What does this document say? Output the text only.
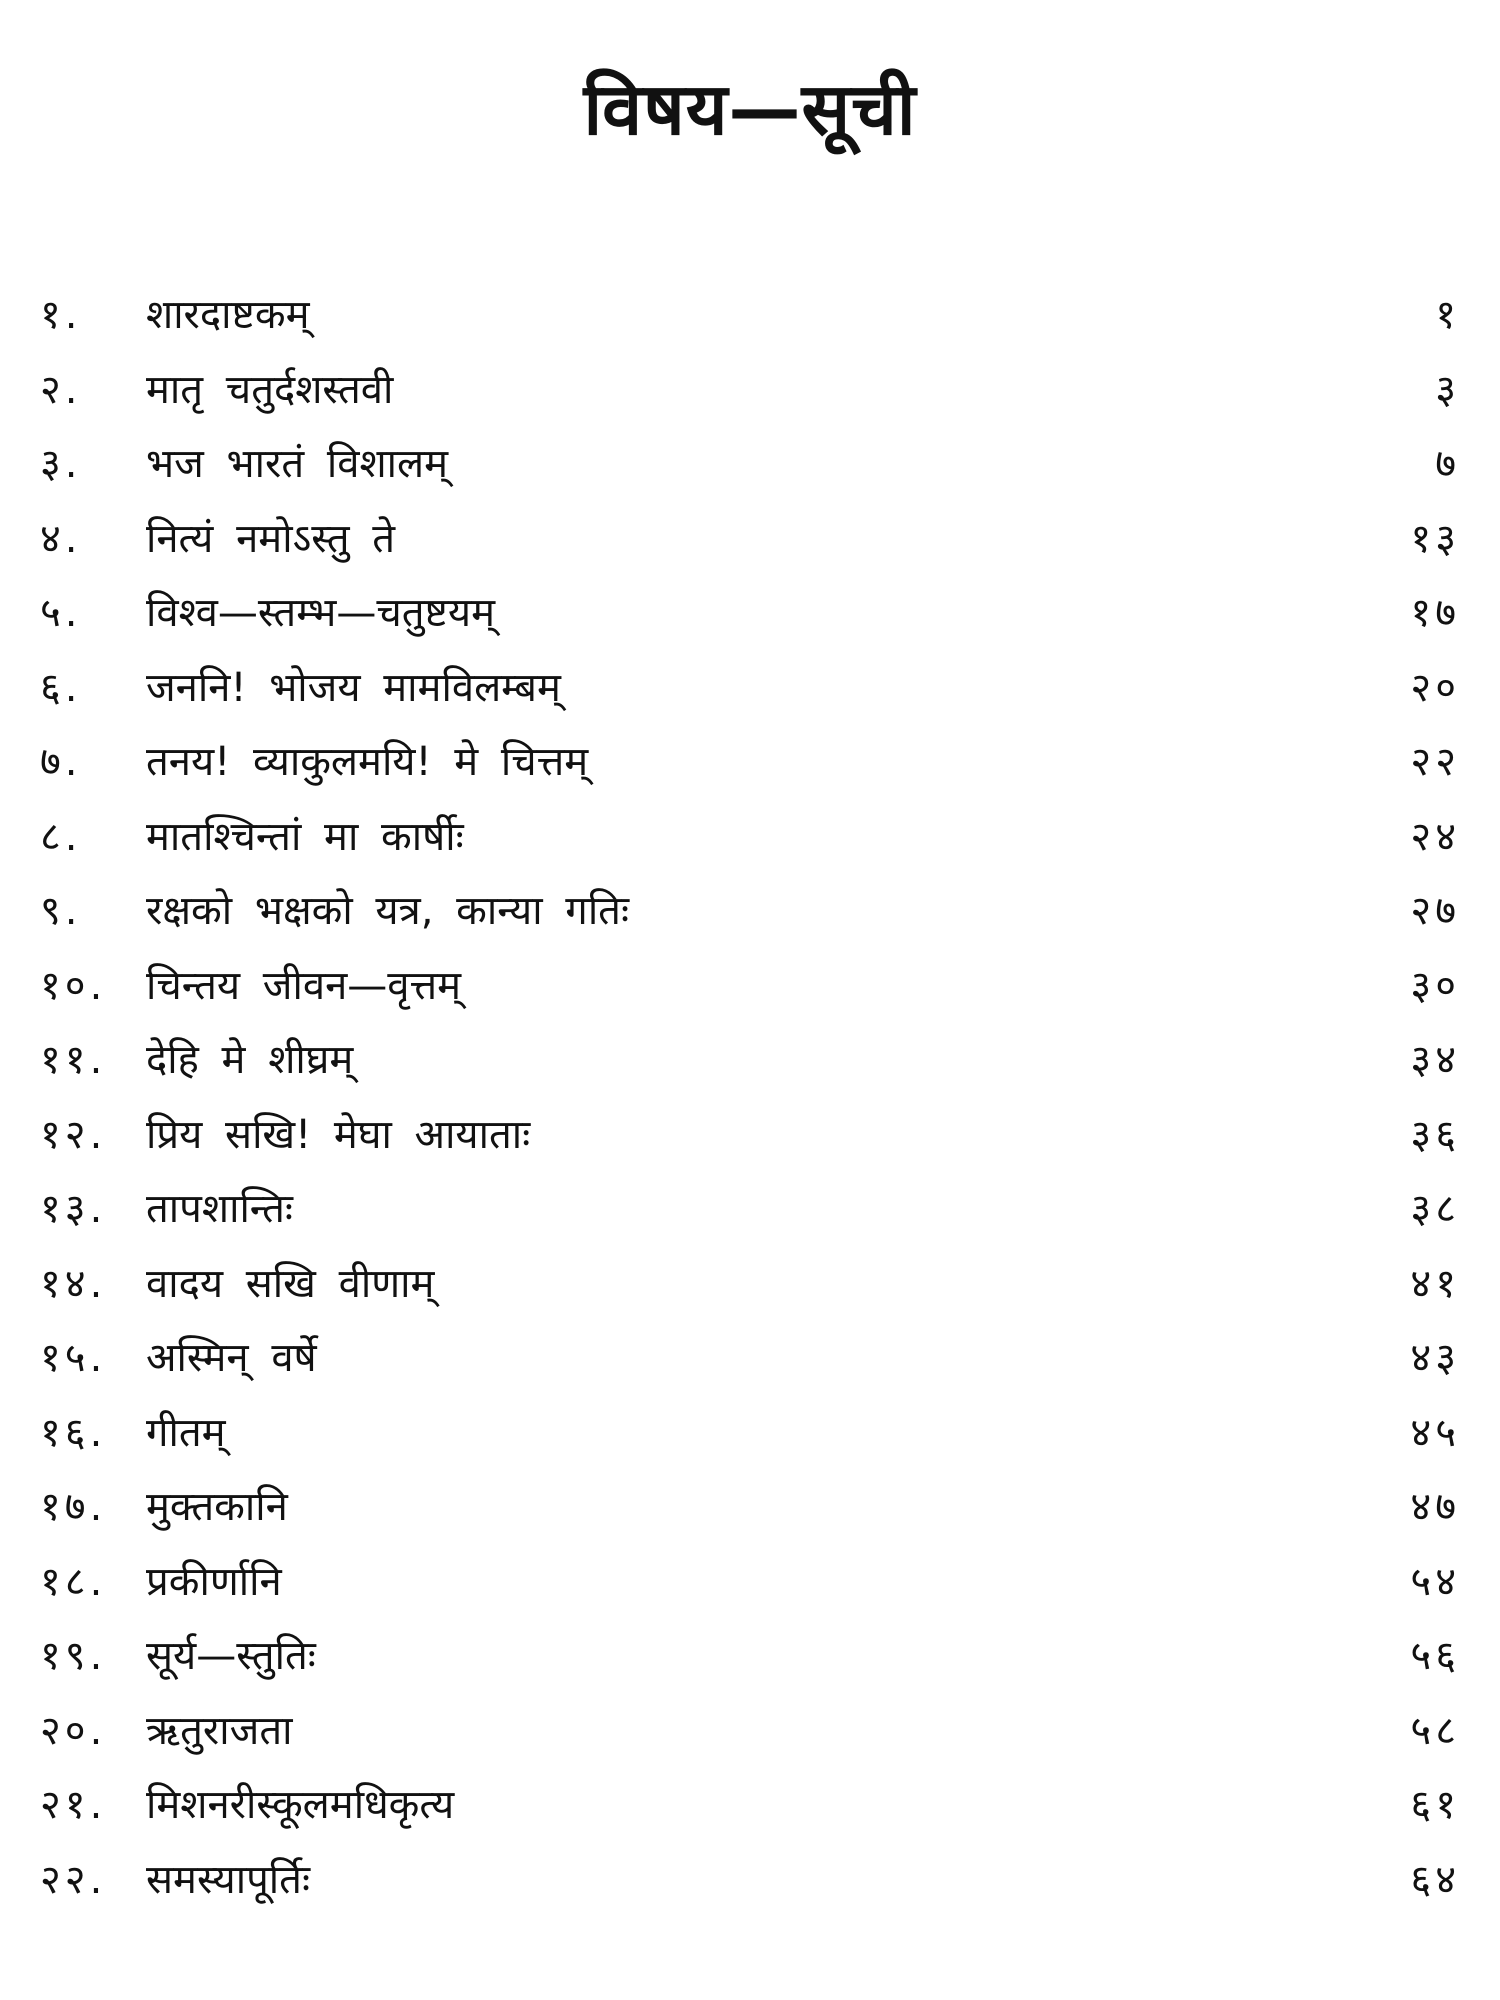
विषय—सूची
१.	शारदाष्टकम्	१
२.	मातृ चतुर्दशस्तवी	३
३.	भज भारतं विशालम्	७
४.	नित्यं नमोऽस्तु ते	१३
५.	विश्व—स्तम्भ—चतुष्टयम्	१७
६.	जननि! भोजय मामविलम्बम्	२०
७.	तनय! व्याकुलमयि! मे चित्तम्	२२
८.	मातश्चिन्तां मा कार्षीः	२४
९.	रक्षको भक्षको यत्र, कान्या गतिः	२७
१०. चिन्तय जीवन—वृत्तम्	३०
११. देहि मे शीघ्रम्	३४
१२. प्रिय सखि! मेघा आयाताः	३६
१३. तापशान्तिः	३८
१४. वादय सखि वीणाम्	४१
१५. अस्मिन् वर्षे	४३
१६. गीतम्	४५
१७. मुक्तकानि	४७
१८. प्रकीर्णानि	५४
१९. सूर्य—स्तुतिः	५६
२०. ऋतुराजता	५८
२१. मिशनरीस्कूलमधिकृत्य	६१
२२. समस्यापूर्तिः	६४
